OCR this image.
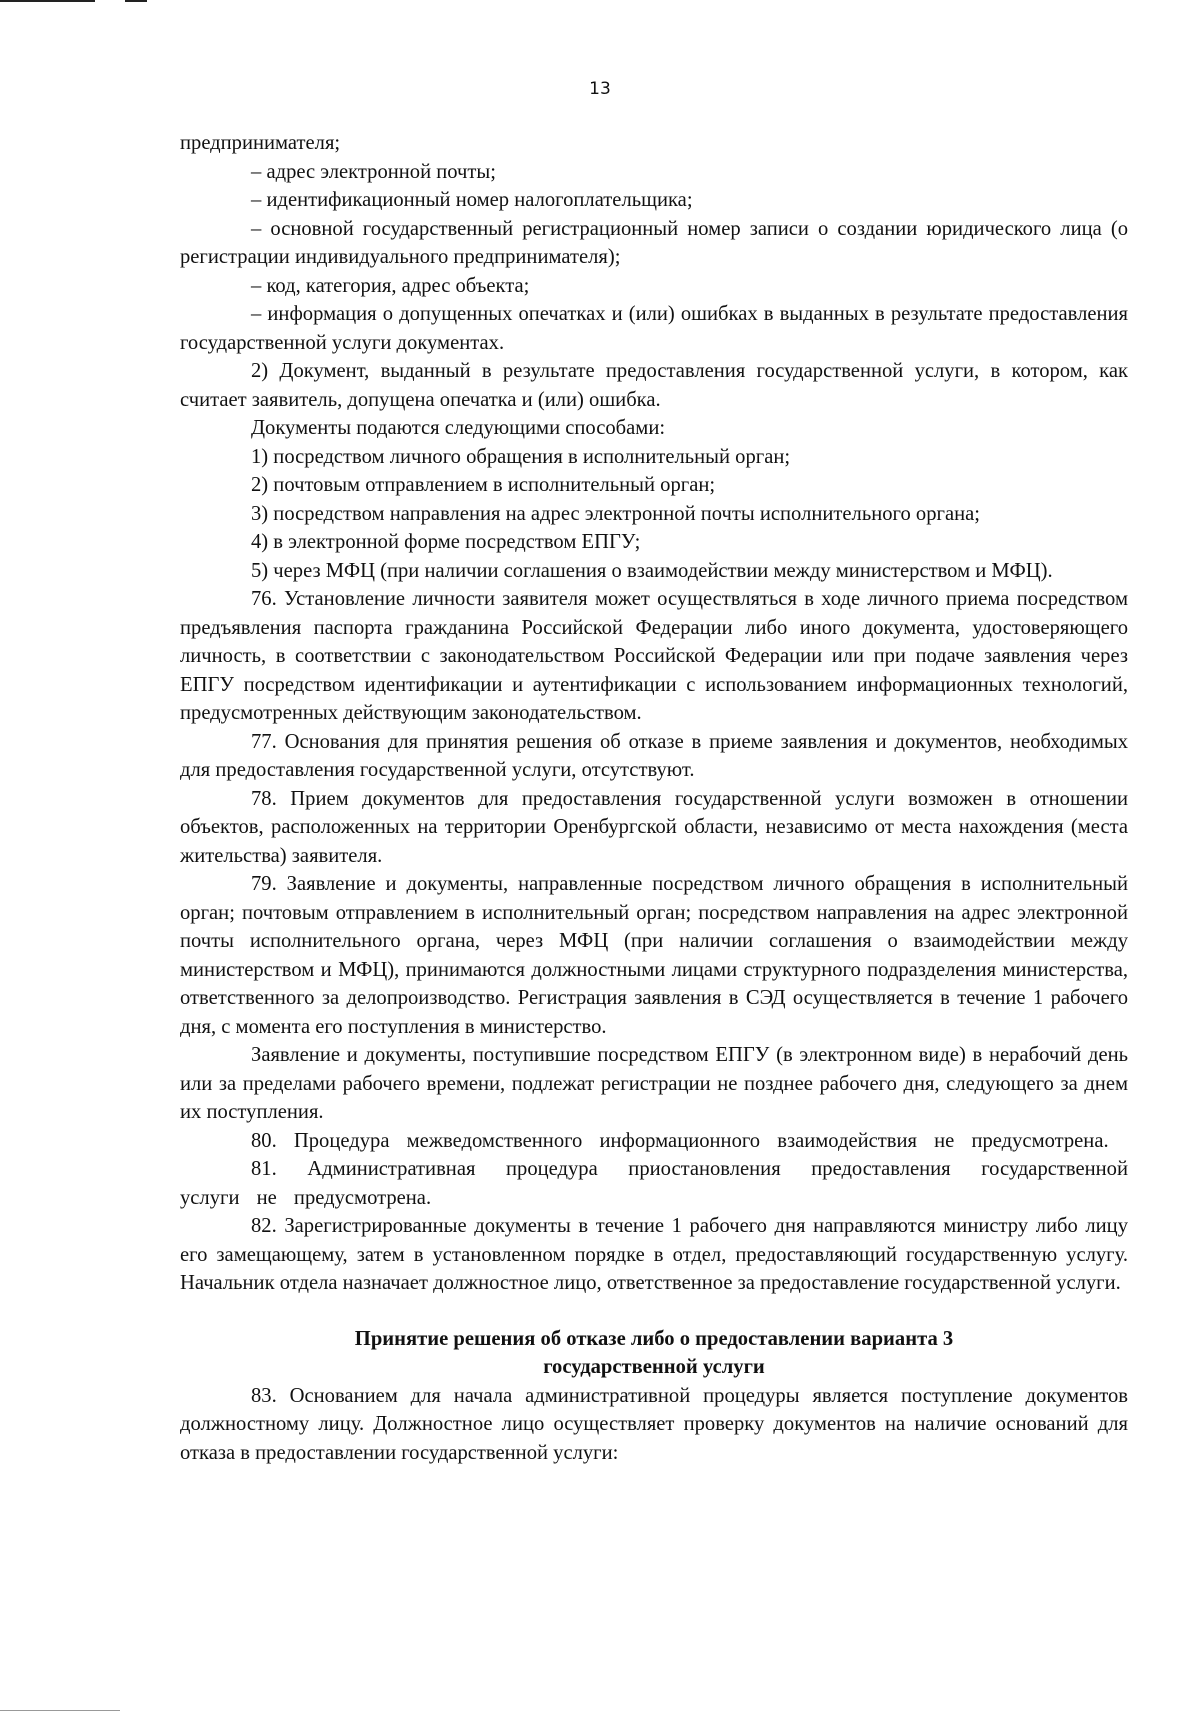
13

предпринимателя;

– адрес электронной почты;

– идентификационный номер налогоплательщика;

– основной государственный регистрационный номер записи о создании юридического лица (о регистрации индивидуального предпринимателя);

– код, категория, адрес объекта;

– информация о допущенных опечатках и (или) ошибках в выданных в результате предоставления государственной услуги документах.

2) Документ, выданный в результате предоставления государственной услуги, в котором, как считает заявитель, допущена опечатка и (или) ошибка.

Документы подаются следующими способами:

1) посредством личного обращения в исполнительный орган;

2) почтовым отправлением в исполнительный орган;

3) посредством направления на адрес электронной почты исполнительного органа;

4) в электронной форме посредством ЕПГУ;

5) через МФЦ (при наличии соглашения о взаимодействии между министерством и МФЦ).

76. Установление личности заявителя может осуществляться в ходе личного приема посредством предъявления паспорта гражданина Российской Федерации либо иного документа, удостоверяющего личность, в соответствии с законодательством Российской Федерации или при подаче заявления через ЕПГУ посредством идентификации и аутентификации с использованием информационных технологий, предусмотренных действующим законодательством.

77. Основания для принятия решения об отказе в приеме заявления и документов, необходимых для предоставления государственной услуги, отсутствуют.

78. Прием документов для предоставления государственной услуги возможен в отношении объектов, расположенных на территории Оренбургской области, независимо от места нахождения (места жительства) заявителя.

79. Заявление и документы, направленные посредством личного обращения в исполнительный орган; почтовым отправлением в исполнительный орган; посредством направления на адрес электронной почты исполнительного органа, через МФЦ (при наличии соглашения о взаимодействии между министерством и МФЦ), принимаются должностными лицами структурного подразделения министерства, ответственного за делопроизводство. Регистрация заявления в СЭД осуществляется в течение 1 рабочего дня, с момента его поступления в министерство.

Заявление и документы, поступившие посредством ЕПГУ (в электронном виде) в нерабочий день или за пределами рабочего времени, подлежат регистрации не позднее рабочего дня, следующего за днем их поступления.

80. Процедура межведомственного информационного взаимодействия не предусмотрена.

81. Административная процедура приостановления предоставления государственной услуги не предусмотрена.

82. Зарегистрированные документы в течение 1 рабочего дня направляются министру либо лицу его замещающему, затем в установленном порядке в отдел, предоставляющий государственную услугу. Начальник отдела назначает должностное лицо, ответственное за предоставление государственной услуги.

Принятие решения об отказе либо о предоставлении варианта 3
государственной услуги

83. Основанием для начала административной процедуры является поступление документов должностному лицу. Должностное лицо осуществляет проверку документов на наличие оснований для отказа в предоставлении государственной услуги:
